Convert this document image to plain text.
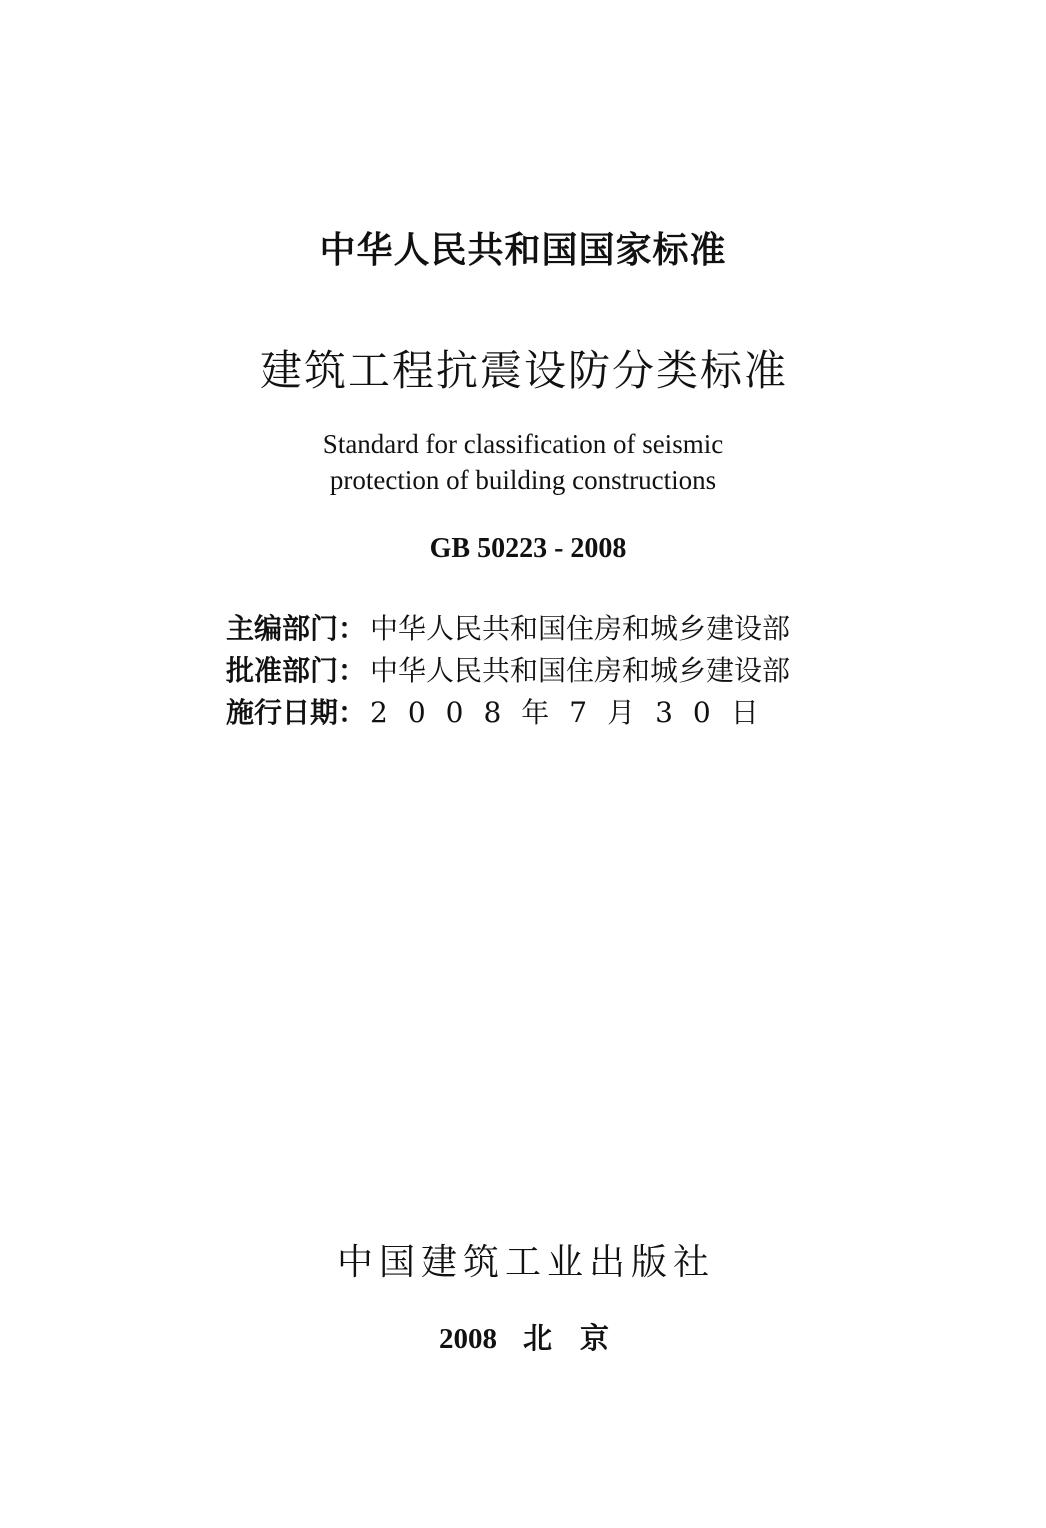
中华人民共和国国家标准
建筑工程抗震设防分类标准
Standard for classification of seismic
protection of building constructions
GB 50223 - 2008
主编部门 ： 中华人民共和国住房和城乡建设部
批准部门 ： 中华人民共和国住房和城乡建设部
施行日期 ： 2008年7月30日
中国建筑工业出版社
2008 北京
